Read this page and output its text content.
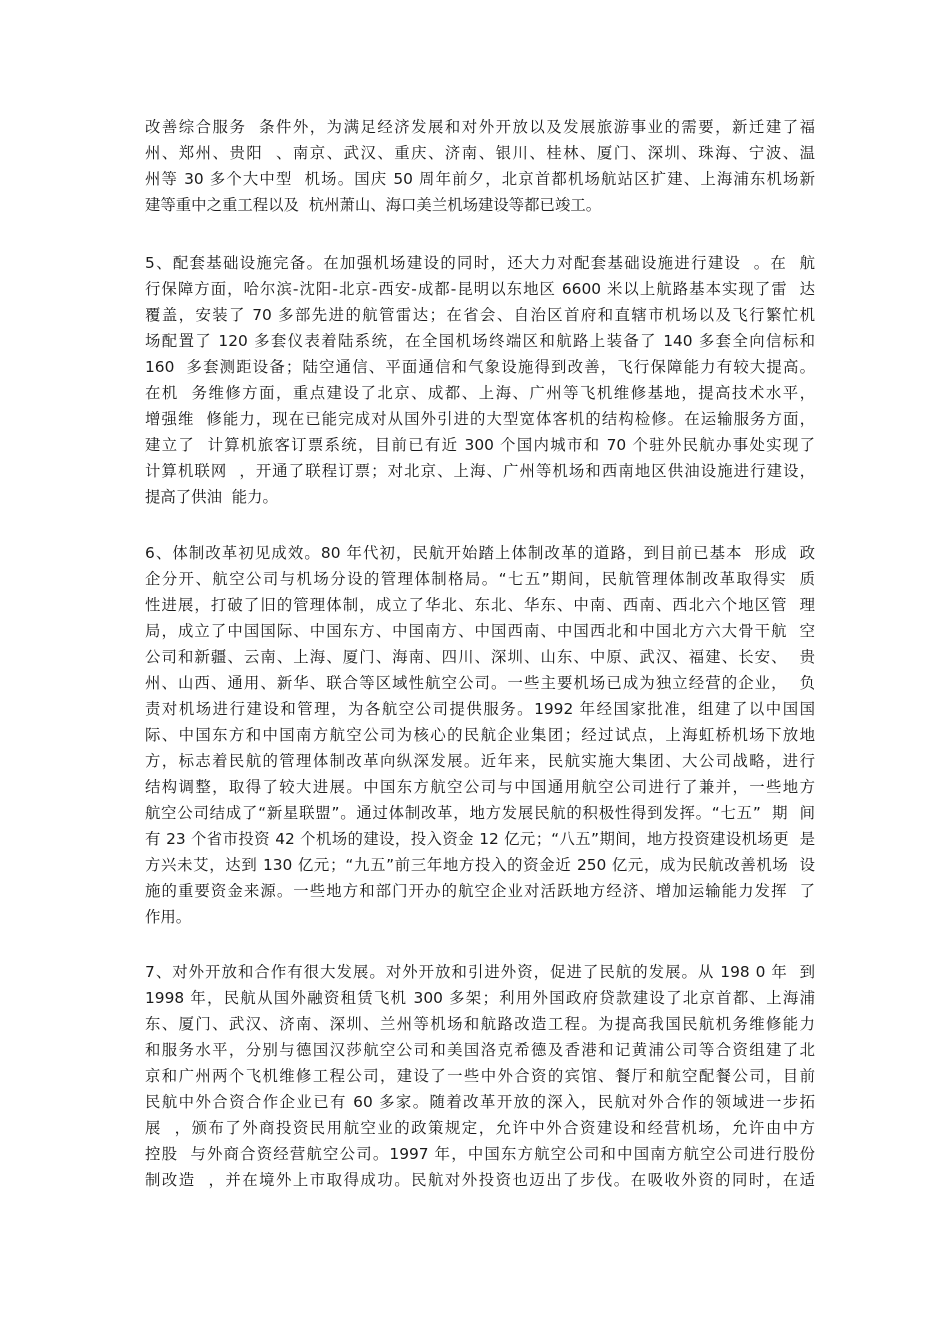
改善综合服务  条件外，为满足经济发展和对外开放以及发展旅游事业的需要，新迁建了福
州、郑州、贵阳  、南京、武汉、重庆、济南、银川、桂林、厦门、深圳、珠海、宁波、温
州等 30 多个大中型  机场。国庆 50 周年前夕，北京首都机场航站区扩建、上海浦东机场新
建等重中之重工程以及  杭州萧山、海口美兰机场建设等都已竣工。
5、配套基础设施完备。在加强机场建设的同时，还大力对配套基础设施进行建设  。在  航
行保障方面，哈尔滨-沈阳-北京-西安-成都-昆明以东地区 6600 米以上航路基本实现了雷  达
覆盖，安装了 70 多部先进的航管雷达；在省会、自治区首府和直辖市机场以及飞行繁忙机
场配置了 120 多套仪表着陆系统，在全国机场终端区和航路上装备了 140 多套全向信标和
160  多套测距设备；陆空通信、平面通信和气象设施得到改善，飞行保障能力有较大提高。
在机  务维修方面，重点建设了北京、成都、上海、广州等飞机维修基地，提高技术水平，
增强维  修能力，现在已能完成对从国外引进的大型宽体客机的结构检修。在运输服务方面，
建立了  计算机旅客订票系统，目前已有近 300 个国内城市和 70 个驻外民航办事处实现了
计算机联网  ，开通了联程订票；对北京、上海、广州等机场和西南地区供油设施进行建设，
提高了供油  能力。
6、体制改革初见成效。80 年代初，民航开始踏上体制改革的道路，到目前已基本  形成  政
企分开、航空公司与机场分设的管理体制格局。“七五”期间，民航管理体制改革取得实  质
性进展，打破了旧的管理体制，成立了华北、东北、华东、中南、西南、西北六个地区管  理
局，成立了中国国际、中国东方、中国南方、中国西南、中国西北和中国北方六大骨干航  空
公司和新疆、云南、上海、厦门、海南、四川、深圳、山东、中原、武汉、福建、长安、  贵
州、山西、通用、新华、联合等区域性航空公司。一些主要机场已成为独立经营的企业，  负
责对机场进行建设和管理，为各航空公司提供服务。1992 年经国家批准，组建了以中国国
际、中国东方和中国南方航空公司为核心的民航企业集团；经过试点，上海虹桥机场下放地
方，标志着民航的管理体制改革向纵深发展。近年来，民航实施大集团、大公司战略，进行
结构调整，取得了较大进展。中国东方航空公司与中国通用航空公司进行了兼并，一些地方
航空公司结成了“新星联盟”。通过体制改革，地方发展民航的积极性得到发挥。“七五”  期  间
有 23 个省市投资 42 个机场的建设，投入资金 12 亿元；“八五”期间，地方投资建设机场更  是
方兴未艾，达到 130 亿元；“九五”前三年地方投入的资金近 250 亿元，成为民航改善机场  设
施的重要资金来源。一些地方和部门开办的航空企业对活跃地方经济、增加运输能力发挥  了
作用。
7、对外开放和合作有很大发展。对外开放和引进外资，促进了民航的发展。从 198 0 年  到
1998 年，民航从国外融资租赁飞机 300 多架；利用外国政府贷款建设了北京首都、上海浦
东、厦门、武汉、济南、深圳、兰州等机场和航路改造工程。为提高我国民航机务维修能力
和服务水平，分别与德国汉莎航空公司和美国洛克希德及香港和记黄浦公司等合资组建了北
京和广州两个飞机维修工程公司，建设了一些中外合资的宾馆、餐厅和航空配餐公司，目前
民航中外合资合作企业已有 60 多家。随着改革开放的深入，民航对外合作的领域进一步拓
展  ，颁布了外商投资民用航空业的政策规定，允许中外合资建设和经营机场，允许由中方
控股  与外商合资经营航空公司。1997 年，中国东方航空公司和中国南方航空公司进行股份
制改造  ，并在境外上市取得成功。民航对外投资也迈出了步伐。在吸收外资的同时，在适
